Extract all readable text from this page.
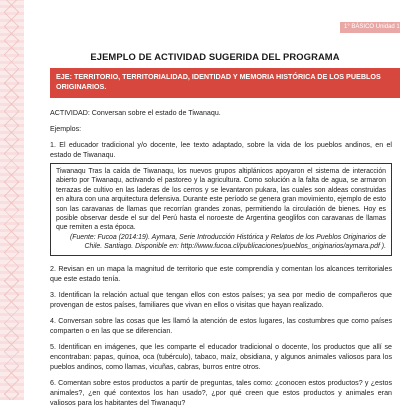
1° BÁSICO Unidad 1
EJEMPLO DE ACTIVIDAD SUGERIDA DEL PROGRAMA
EJE: TERRITORIO, TERRITORIALIDAD, IDENTIDAD Y MEMORIA HISTÓRICA DE LOS PUEBLOS ORIGINARIOS.

ACTIVIDAD: Conversan sobre el estado de Tiwanaqu.

Ejemplos:

1. El educador tradicional y/o docente, lee texto adaptado, sobre la vida de los pueblos andinos, en el estado de Tiwanaqu.

Tiwanaqu Tras la caída de Tiwanaqu, los nuevos grupos altiplánicos apoyaron el sistema de interacción abierto por Tiwanaqu, activando el pastoreo y la agricultura. Como solución a la falta de agua, se armaron terrazas de cultivo en las laderas de los cerros y se levantaron pukara, las cuales son aldeas construidas en altura con una arquitectura defensiva. Durante este período se genera gran movimiento, ejemplo de esto son las caravanas de llamas que recorrían grandes zonas, permitiendo la circulación de bienes. Hoy es posible observar desde el sur del Perú hasta el noroeste de Argentina geoglifos con caravanas de llamas que remiten a esta época.
(Fuente: Fucoa (2014:19). Aymara, Serie Introducción Histórica y Relatos de los Pueblos Originarios de Chile. Santiago. Disponible en: http://www.fucoa.cl/publicaciones/pueblos_originarios/aymara.pdf ).

2. Revisan en un mapa la magnitud de territorio que este comprendía y comentan los alcances territoriales que este estado tenía.

3. Identifican la relación actual que tengan ellos con estos países; ya sea por medio de compañeros que provengan de estos países, familiares que vivan en ellos o visitas que hayan realizado.

4. Conversan sobre las cosas que les llamó la atención de estos lugares, las costumbres que como países comparten o en las que se diferencian.

5. Identifican en imágenes, que les comparte el educador tradicional o docente, los productos que allí se encontraban: papas, quinoa, oca (tubérculo), tabaco, maíz, obsidiana, y algunos animales valiosos para los pueblos andinos, como llamas, vicuñas, cabras, burros entre otros.

6. Comentan sobre estos productos a partir de preguntas, tales como: ¿conocen estos productos? y ¿estos animales?, ¿en qué contextos los han usado?, ¿por qué creen que estos productos y animales eran valiosos para los habitantes del Tiwanaqu?
